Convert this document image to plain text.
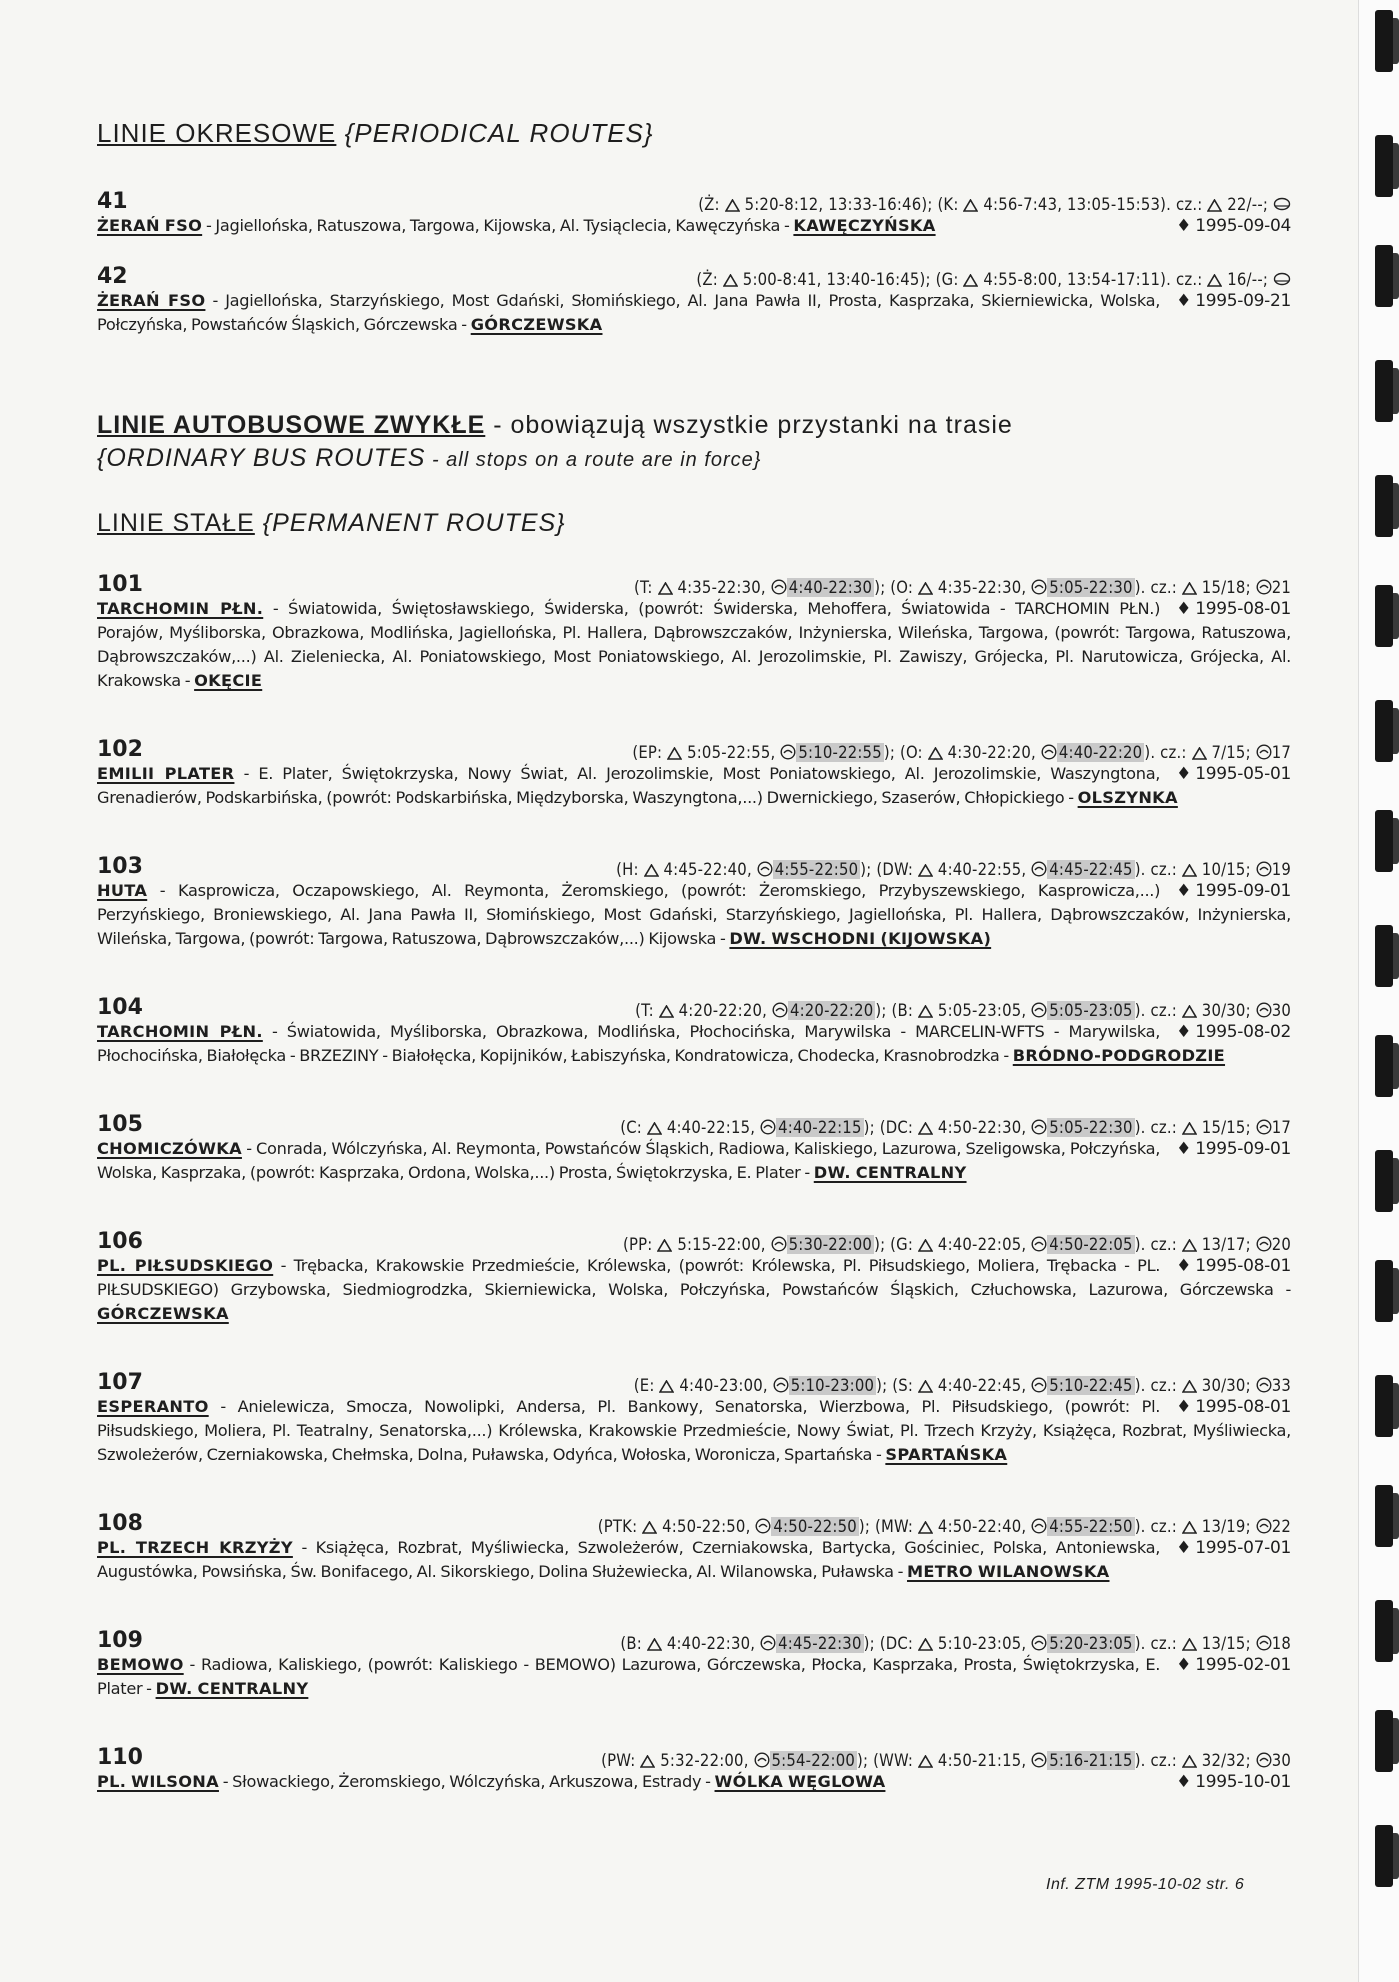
LINIE OKRESOWE {PERIODICAL ROUTES}
41	(Ż:  5:20-8:12, 13:33-16:46); (K:  4:56-7:43, 13:05-15:53). cz.:  22/--;
♦ 1995-09-04
ŻERAŃ FSO - Jagiellońska, Ratuszowa, Targowa, Kijowska, Al. Tysiąclecia, Kawęczyńska - KAWĘCZYŃSKA
42	(Ż:  5:00-8:41, 13:40-16:45); (G:  4:55-8:00, 13:54-17:11). cz.:  16/--;
♦ 1995-09-21
ŻERAŃ FSO - Jagiellońska, Starzyńskiego, Most Gdański, Słomińskiego, Al. Jana Pawła II, Prosta, Kasprzaka, Skierniewicka, Wolska, Połczyńska, Powstańców Śląskich, Górczewska - GÓRCZEWSKA
LINIE AUTOBUSOWE ZWYKŁE - obowiązują wszystkie przystanki na trasie
{ORDINARY BUS ROUTES - all stops on a route are in force}
LINIE STAŁE {PERMANENT ROUTES}
101	(T:  4:35-22:30, 4:40-22:30 ); (O:  4:35-22:30, 5:05-22:30 ). cz.:  15/18; 21
♦ 1995-08-01
TARCHOMIN PŁN. - Światowida, Świętosławskiego, Świderska, (powrót: Świderska, Mehoffera, Światowida - TARCHOMIN PŁN.) Porajów, Myśliborska, Obrazkowa, Modlińska, Jagiellońska, Pl. Hallera, Dąbrowszczaków, Inżynierska, Wileńska, Targowa, (powrót: Targowa, Ratuszowa, Dąbrowszczaków,...) Al. Zieleniecka, Al. Poniatowskiego, Most Poniatowskiego, Al. Jerozolimskie, Pl. Zawiszy, Grójecka, Pl. Narutowicza, Grójecka, Al. Krakowska - OKĘCIE
102	(EP:  5:05-22:55, 5:10-22:55 ); (O:  4:30-22:20, 4:40-22:20 ). cz.:  7/15; 17
♦ 1995-05-01
EMILII PLATER - E. Plater, Świętokrzyska, Nowy Świat, Al. Jerozolimskie, Most Poniatowskiego, Al. Jerozolimskie, Waszyngtona, Grenadierów, Podskarbińska, (powrót: Podskarbińska, Międzyborska, Waszyngtona,...) Dwernickiego, Szaserów, Chłopickiego - OLSZYNKA
103	(H:  4:45-22:40, 4:55-22:50 ); (DW:  4:40-22:55, 4:45-22:45 ). cz.:  10/15; 19
♦ 1995-09-01
HUTA - Kasprowicza, Oczapowskiego, Al. Reymonta, Żeromskiego, (powrót: Żeromskiego, Przybyszewskiego, Kasprowicza,...) Perzyńskiego, Broniewskiego, Al. Jana Pawła II, Słomińskiego, Most Gdański, Starzyńskiego, Jagiellońska, Pl. Hallera, Dąbrowszczaków, Inżynierska, Wileńska, Targowa, (powrót: Targowa, Ratuszowa, Dąbrowszczaków,...) Kijowska - DW. WSCHODNI (KIJOWSKA)
104	(T:  4:20-22:20, 4:20-22:20 ); (B:  5:05-23:05, 5:05-23:05 ). cz.:  30/30; 30
♦ 1995-08-02
TARCHOMIN PŁN. - Światowida, Myśliborska, Obrazkowa, Modlińska, Płochocińska, Marywilska - MARCELIN-WFTS - Marywilska, Płochocińska, Białołęcka - BRZEZINY - Białołęcka, Kopijników, Łabiszyńska, Kondratowicza, Chodecka, Krasnobrodzka - BRÓDNO-PODGRODZIE
105	(C:  4:40-22:15, 4:40-22:15 ); (DC:  4:50-22:30, 5:05-22:30 ). cz.:  15/15; 17
♦ 1995-09-01
CHOMICZÓWKA - Conrada, Wólczyńska, Al. Reymonta, Powstańców Śląskich, Radiowa, Kaliskiego, Lazurowa, Szeligowska, Połczyńska, Wolska, Kasprzaka, (powrót: Kasprzaka, Ordona, Wolska,...) Prosta, Świętokrzyska, E. Plater - DW. CENTRALNY
106	(PP:  5:15-22:00, 5:30-22:00 ); (G:  4:40-22:05, 4:50-22:05 ). cz.:  13/17; 20
♦ 1995-08-01
PL. PIŁSUDSKIEGO - Trębacka, Krakowskie Przedmieście, Królewska, (powrót: Królewska, Pl. Piłsudskiego, Moliera, Trębacka - PL. PIŁSUDSKIEGO) Grzybowska, Siedmiogrodzka, Skierniewicka, Wolska, Połczyńska, Powstańców Śląskich, Człuchowska, Lazurowa, Górczewska - GÓRCZEWSKA
107	(E:  4:40-23:00, 5:10-23:00 ); (S:  4:40-22:45, 5:10-22:45 ). cz.:  30/30; 33
♦ 1995-08-01
ESPERANTO - Anielewicza, Smocza, Nowolipki, Andersa, Pl. Bankowy, Senatorska, Wierzbowa, Pl. Piłsudskiego, (powrót: Pl. Piłsudskiego, Moliera, Pl. Teatralny, Senatorska,...) Królewska, Krakowskie Przedmieście, Nowy Świat, Pl. Trzech Krzyży, Książęca, Rozbrat, Myśliwiecka, Szwoleżerów, Czerniakowska, Chełmska, Dolna, Puławska, Odyńca, Wołoska, Woronicza, Spartańska - SPARTAŃSKA
108	(PTK:  4:50-22:50, 4:50-22:50 ); (MW:  4:50-22:40, 4:55-22:50 ). cz.:  13/19; 22
♦ 1995-07-01
PL. TRZECH KRZYŻY - Książęca, Rozbrat, Myśliwiecka, Szwoleżerów, Czerniakowska, Bartycka, Gościniec, Polska, Antoniewska, Augustówka, Powsińska, Św. Bonifacego, Al. Sikorskiego, Dolina Służewiecka, Al. Wilanowska, Puławska - METRO WILANOWSKA
109	(B:  4:40-22:30, 4:45-22:30 ); (DC:  5:10-23:05, 5:20-23:05 ). cz.:  13/15; 18
♦ 1995-02-01
BEMOWO - Radiowa, Kaliskiego, (powrót: Kaliskiego - BEMOWO) Lazurowa, Górczewska, Płocka, Kasprzaka, Prosta, Świętokrzyska, E. Plater - DW. CENTRALNY
110	(PW:  5:32-22:00, 5:54-22:00 ); (WW:  4:50-21:15, 5:16-21:15 ). cz.:  32/32; 30
♦ 1995-10-01
PL. WILSONA - Słowackiego, Żeromskiego, Wólczyńska, Arkuszowa, Estrady - WÓLKA WĘGLOWA
Inf. ZTM 1995-10-02 str. 6
